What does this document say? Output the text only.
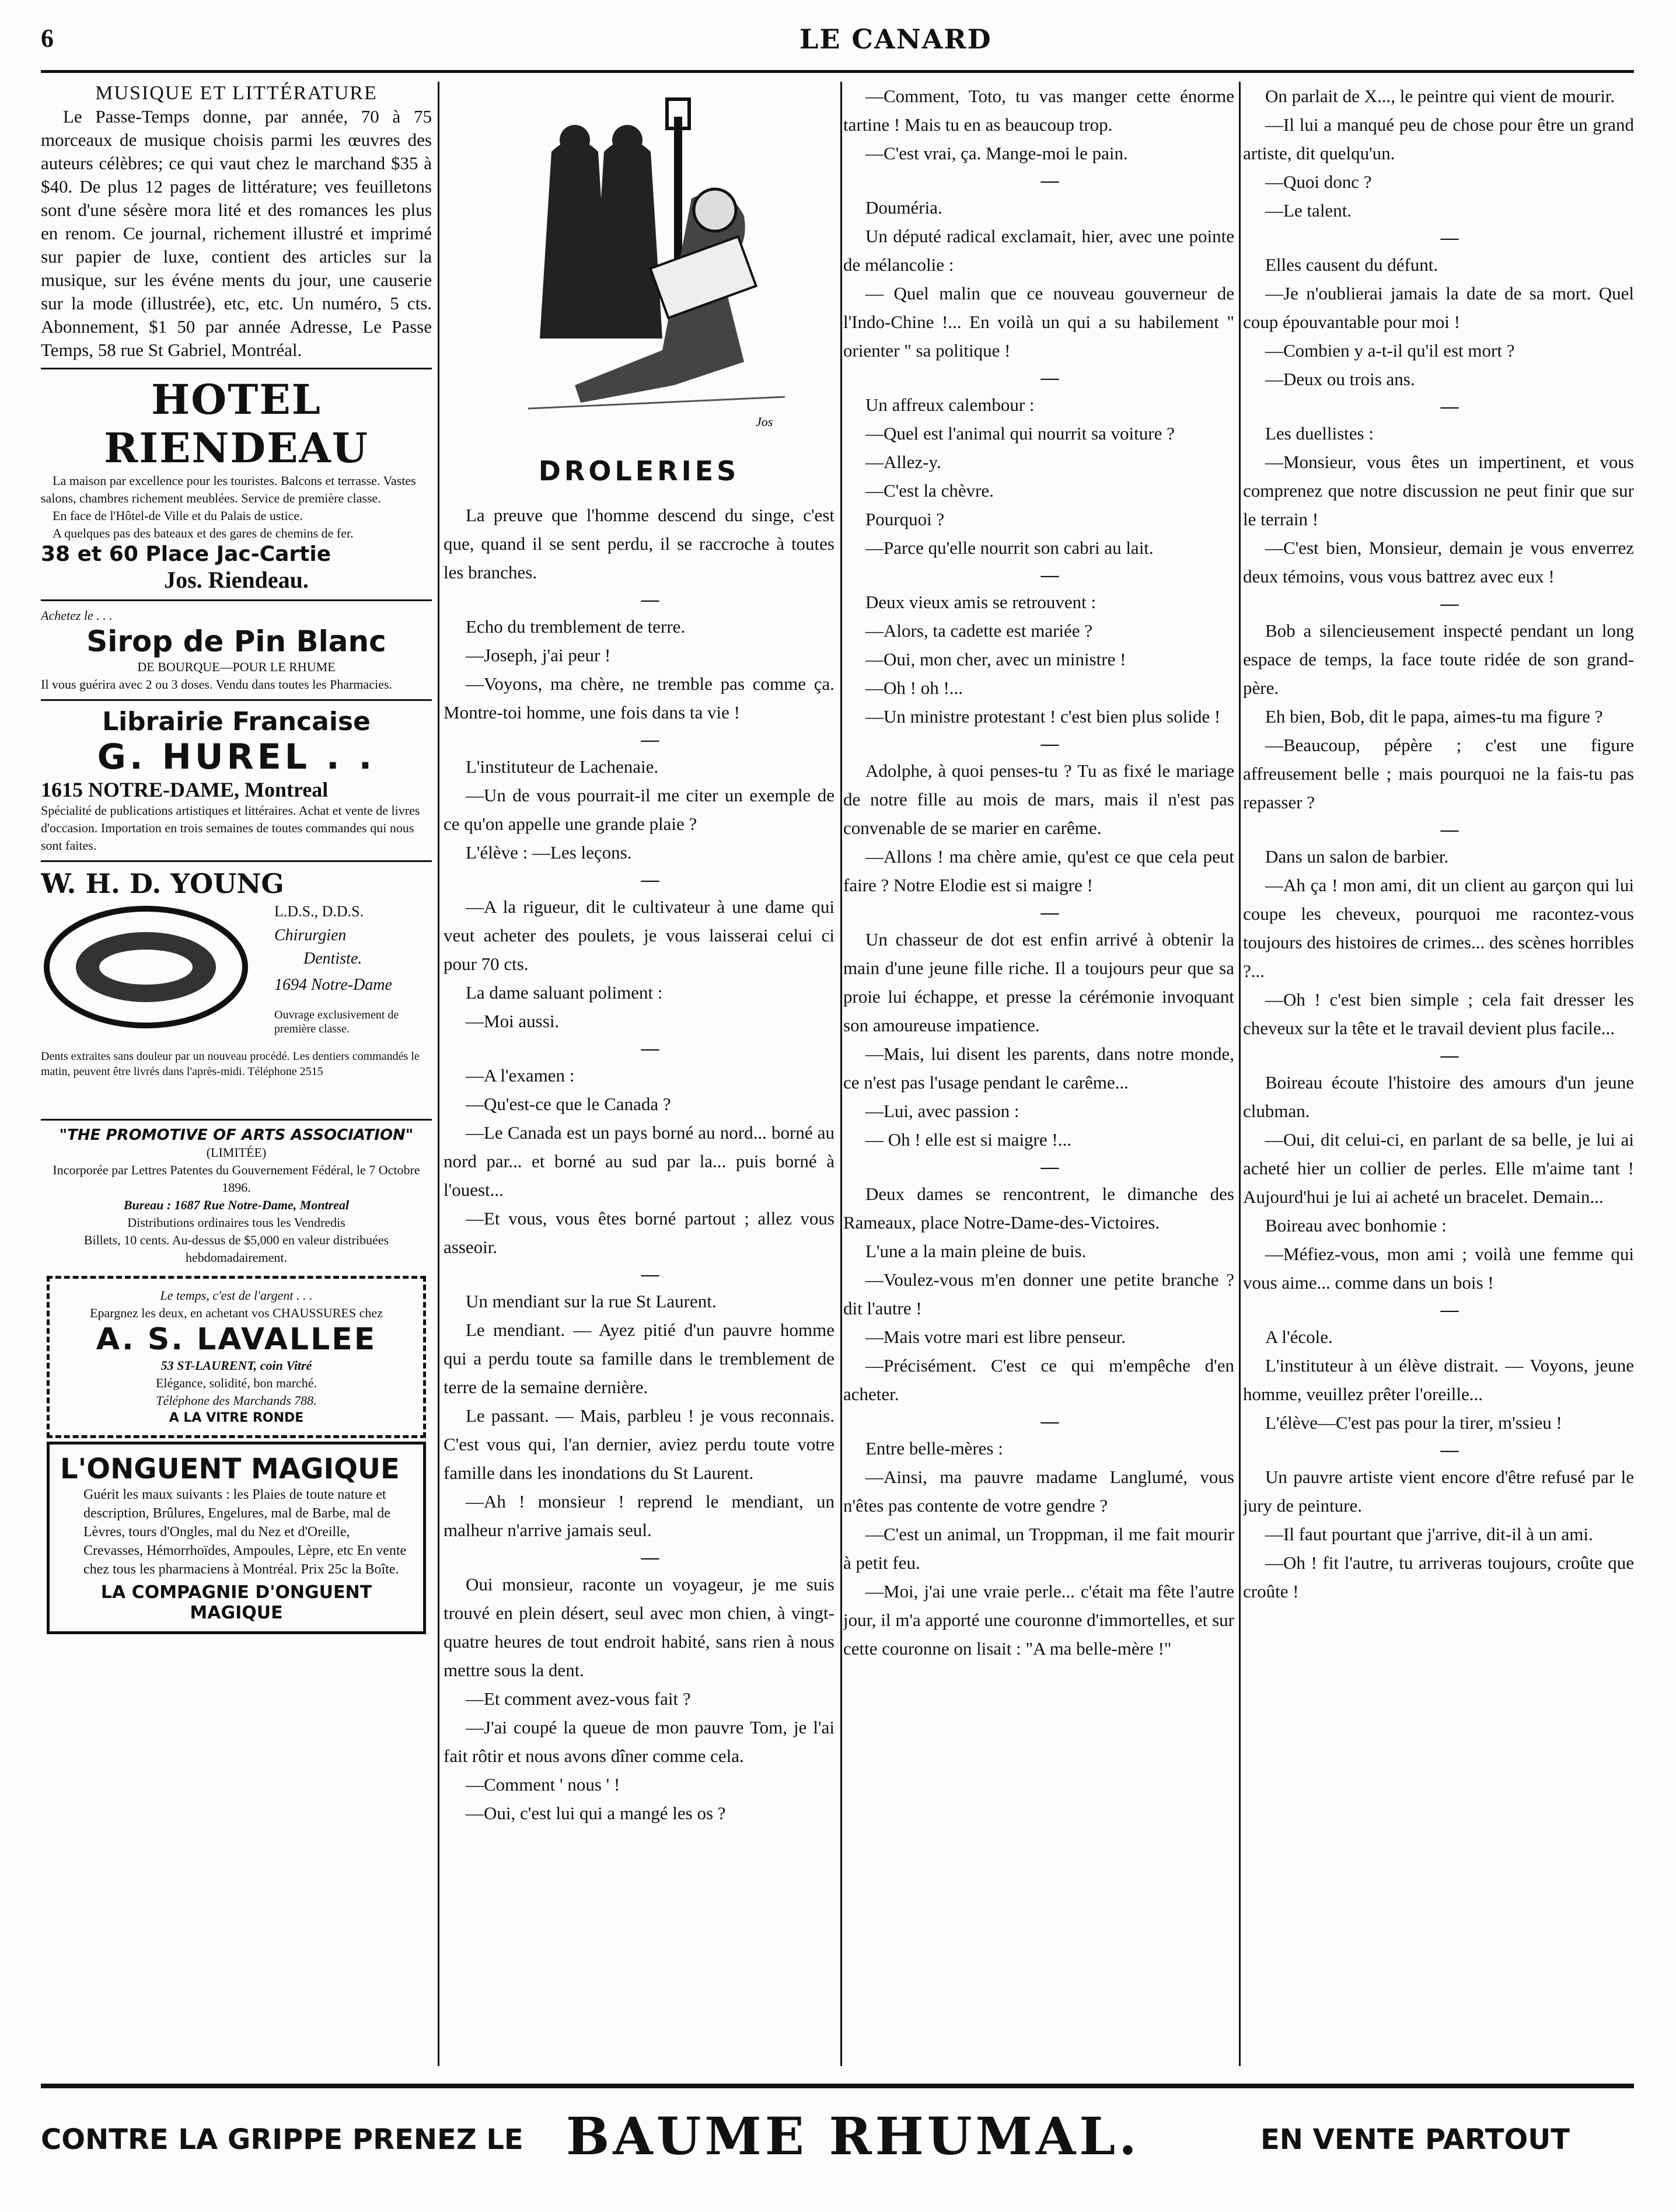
6	LE CANARD
MUSIQUE ET LITTÉRATURE
Le Passe-Temps donne, par année, 70 à 75 morceaux de musique choisis parmi les œuvres des auteurs célèbres; ce qui vaut chez le marchand $35 à $40. De plus 12 pages de littérature; ves feuilletons sont d'une sésère mora lité et des romances les plus en renom. Ce journal, richement illustré et imprimé sur papier de luxe, contient des articles sur la musique, sur les événe ments du jour, une causerie sur la mode (illustrée), etc, etc. Un numéro, 5 cts. Abonnement, $1 50 par année Adresse, Le Passe Temps, 58 rue St Gabriel, Montréal.
HOTEL RIENDEAU
La maison par excellence pour les touristes. Balcons et terrasse. Vastes salons, chambres richement meublées. Service de première classe.
En face de l'Hôtel-de Ville et du Palais de ustice.
A quelques pas des bateaux et des gares de chemins de fer.
38 et 60 Place Jac-Cartie
Jos. Riendeau.
Achetez le . . .
Sirop de Pin Blanc
DE BOURQUE—POUR LE RHUME
Il vous guérira avec 2 ou 3 doses. Vendu dans toutes les Pharmacies.
Librairie Francaise
G. HUREL . .
1615 NOTRE-DAME, Montreal
Spécialité de publications artistiques et littéraires. Achat et vente de livres d'occasion. Importation en trois semaines de toutes commandes qui nous sont faites.
W. H. D. YOUNG
L.D.S., D.D.S.
Chirurgien
Dentiste.
1694 Notre-Dame
Ouvrage exclusivement de première classe.
Dents extraites sans douleur par un nouveau procédé. Les dentiers commandés le matin, peuvent être livrés dans l'après-midi. Téléphone 2515
"THE PROMOTIVE OF ARTS ASSOCIATION"
(LIMITÉE)
Incorporée par Lettres Patentes du Gouvernement Fédéral, le 7 Octobre 1896.
Bureau : 1687 Rue Notre-Dame, Montreal
Distributions ordinaires tous les Vendredis
Billets, 10 cents. Au-dessus de $5,000 en valeur distribuées hebdomadairement.
Le temps, c'est de l'argent . . .
Epargnez les deux, en achetant vos CHAUSSURES chez
A. S. LAVALLEE
53 ST-LAURENT, coin Vitré
Elégance, solidité, bon marché.
Téléphone des Marchands 788.
A LA VITRE RONDE
L'ONGUENT MAGIQUE
Guérit les maux suivants : les Plaies de toute nature et description, Brûlures, Engelures, mal de Barbe, mal de Lèvres, tours d'Ongles, mal du Nez et d'Oreille, Crevasses, Hémorrhoïdes, Ampoules, Lèpre, etc En vente chez tous les pharmaciens à Montréal. Prix 25c la Boîte.
LA COMPAGNIE D'ONGUENT MAGIQUE
Jos
DROLERIES

La preuve que l'homme descend du singe, c'est que, quand il se sent perdu, il se raccroche à toutes les branches.

—

Echo du tremblement de terre.

—Joseph, j'ai peur !

—Voyons, ma chère, ne tremble pas comme ça. Montre-toi homme, une fois dans ta vie !

—

L'instituteur de Lachenaie.

—Un de vous pourrait-il me citer un exemple de ce qu'on appelle une grande plaie ?

L'élève : —Les leçons.

—

—A la rigueur, dit le cultivateur à une dame qui veut acheter des poulets, je vous laisserai celui ci pour 70 cts.

La dame saluant poliment :

—Moi aussi.

—

—A l'examen :

—Qu'est-ce que le Canada ?

—Le Canada est un pays borné au nord... borné au nord par... et borné au sud par la... puis borné à l'ouest...

—Et vous, vous êtes borné partout ; allez vous asseoir.

—

Un mendiant sur la rue St Laurent.

Le mendiant. — Ayez pitié d'un pauvre homme qui a perdu toute sa famille dans le tremblement de terre de la semaine dernière.

Le passant. — Mais, parbleu ! je vous reconnais. C'est vous qui, l'an dernier, aviez perdu toute votre famille dans les inondations du St Laurent.

—Ah ! monsieur ! reprend le mendiant, un malheur n'arrive jamais seul.

—

Oui monsieur, raconte un voyageur, je me suis trouvé en plein désert, seul avec mon chien, à vingt-quatre heures de tout endroit habité, sans rien à nous mettre sous la dent.

—Et comment avez-vous fait ?

—J'ai coupé la queue de mon pauvre Tom, je l'ai fait rôtir et nous avons dîner comme cela.

—Comment ' nous ' !

—Oui, c'est lui qui a mangé les os ?

—Comment, Toto, tu vas manger cette énorme tartine ! Mais tu en as beaucoup trop.

—C'est vrai, ça. Mange-moi le pain.

—

Douméria.

Un député radical exclamait, hier, avec une pointe de mélancolie :

— Quel malin que ce nouveau gouverneur de l'Indo-Chine !... En voilà un qui a su habilement " orienter " sa politique !

—

Un affreux calembour :

—Quel est l'animal qui nourrit sa voiture ?

—Allez-y.

—C'est la chèvre.

Pourquoi ?

—Parce qu'elle nourrit son cabri au lait.

—

Deux vieux amis se retrouvent :

—Alors, ta cadette est mariée ?

—Oui, mon cher, avec un ministre !

—Oh ! oh !...

—Un ministre protestant ! c'est bien plus solide !

—

Adolphe, à quoi penses-tu ? Tu as fixé le mariage de notre fille au mois de mars, mais il n'est pas convenable de se marier en carême.

—Allons ! ma chère amie, qu'est ce que cela peut faire ? Notre Elodie est si maigre !

—

Un chasseur de dot est enfin arrivé à obtenir la main d'une jeune fille riche. Il a toujours peur que sa proie lui échappe, et presse la cérémonie invoquant son amoureuse impatience.

—Mais, lui disent les parents, dans notre monde, ce n'est pas l'usage pendant le carême...

—Lui, avec passion :

— Oh ! elle est si maigre !...

—

Deux dames se rencontrent, le dimanche des Rameaux, place Notre-Dame-des-Victoires.

L'une a la main pleine de buis.

—Voulez-vous m'en donner une petite branche ? dit l'autre !

—Mais votre mari est libre penseur.

—Précisément. C'est ce qui m'empêche d'en acheter.

—

Entre belle-mères :

—Ainsi, ma pauvre madame Langlumé, vous n'êtes pas contente de votre gendre ?

—C'est un animal, un Troppman, il me fait mourir à petit feu.

—Moi, j'ai une vraie perle... c'était ma fête l'autre jour, il m'a apporté une couronne d'immortelles, et sur cette couronne on lisait : "A ma belle-mère !"

On parlait de X..., le peintre qui vient de mourir.

—Il lui a manqué peu de chose pour être un grand artiste, dit quelqu'un.

—Quoi donc ?

—Le talent.

—

Elles causent du défunt.

—Je n'oublierai jamais la date de sa mort. Quel coup épouvantable pour moi !

—Combien y a-t-il qu'il est mort ?

—Deux ou trois ans.

—

Les duellistes :

—Monsieur, vous êtes un impertinent, et vous comprenez que notre discussion ne peut finir que sur le terrain !

—C'est bien, Monsieur, demain je vous enverrez deux témoins, vous vous battrez avec eux !

—

Bob a silencieusement inspecté pendant un long espace de temps, la face toute ridée de son grand-père.

Eh bien, Bob, dit le papa, aimes-tu ma figure ?

—Beaucoup, pépère ; c'est une figure affreusement belle ; mais pourquoi ne la fais-tu pas repasser ?

—

Dans un salon de barbier.

—Ah ça ! mon ami, dit un client au garçon qui lui coupe les cheveux, pourquoi me racontez-vous toujours des histoires de crimes... des scènes horribles ?...

—Oh ! c'est bien simple ; cela fait dresser les cheveux sur la tête et le travail devient plus facile...

—

Boireau écoute l'histoire des amours d'un jeune clubman.

—Oui, dit celui-ci, en parlant de sa belle, je lui ai acheté hier un collier de perles. Elle m'aime tant ! Aujourd'hui je lui ai acheté un bracelet. Demain...

Boireau avec bonhomie :

—Méfiez-vous, mon ami ; voilà une femme qui vous aime... comme dans un bois !

—

A l'école.

L'instituteur à un élève distrait. — Voyons, jeune homme, veuillez prêter l'oreille...

L'élève—C'est pas pour la tirer, m'ssieu !

—

Un pauvre artiste vient encore d'être refusé par le jury de peinture.

—Il faut pourtant que j'arrive, dit-il à un ami.

—Oh ! fit l'autre, tu arriveras toujours, croûte que croûte !

CONTRE LA GRIPPE PRENEZ LE BAUME RHUMAL.	EN VENTE PARTOUT
